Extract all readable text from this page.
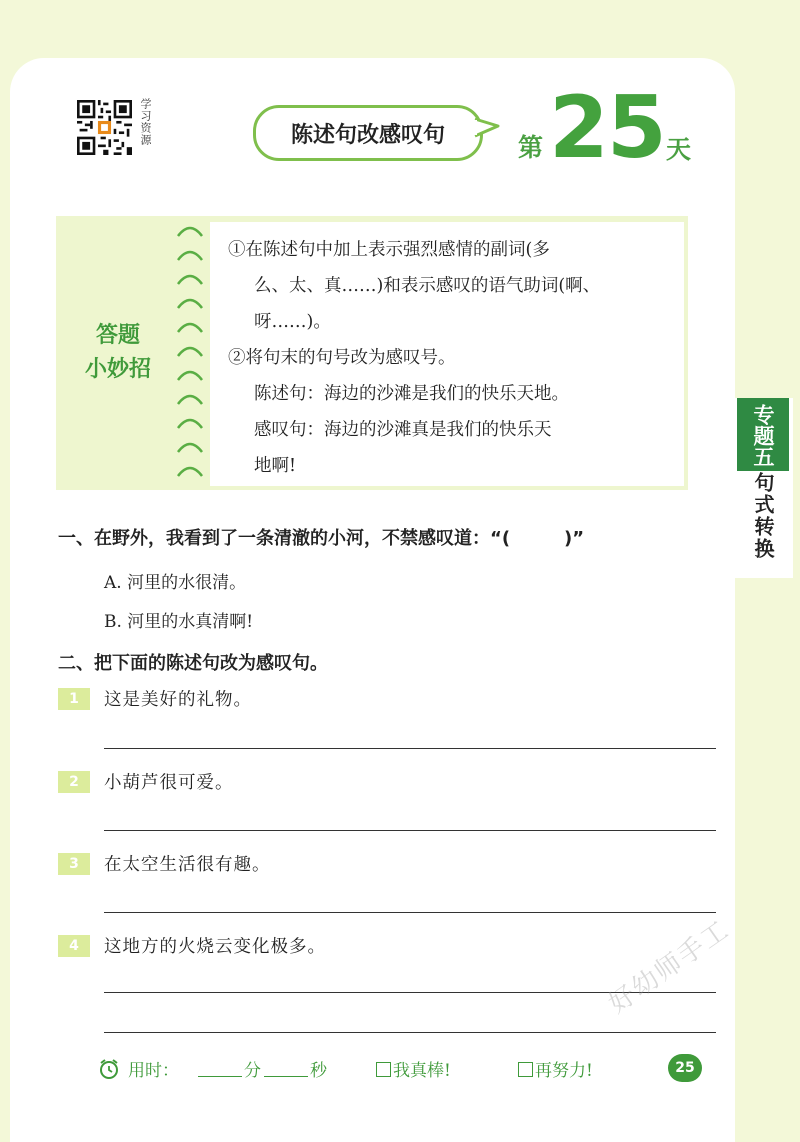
专题五
句式转换
学习资源	陈述句改感叹句	第 25 天
答题
小妙招

①在陈述句中加上表示强烈感情的副词(多

么、太、真……)和表示感叹的语气助词(啊、

呀……)。

②将句末的句号改为感叹号。

陈述句：海边的沙滩是我们的快乐天地。

感叹句：海边的沙滩真是我们的快乐天

地啊!

一、在野外，我看到了一条清澈的小河，不禁感叹道：“(　　　)”
A. 河里的水很清。
B. 河里的水真清啊!
二、把下面的陈述句改为感叹句。
1	这是美好的礼物。
2	小葫芦很可爱。
3	在太空生活很有趣。
4	这地方的火烧云变化极多。	好幼师手工
用时：	分	秒	我真棒!	再努力!	25
